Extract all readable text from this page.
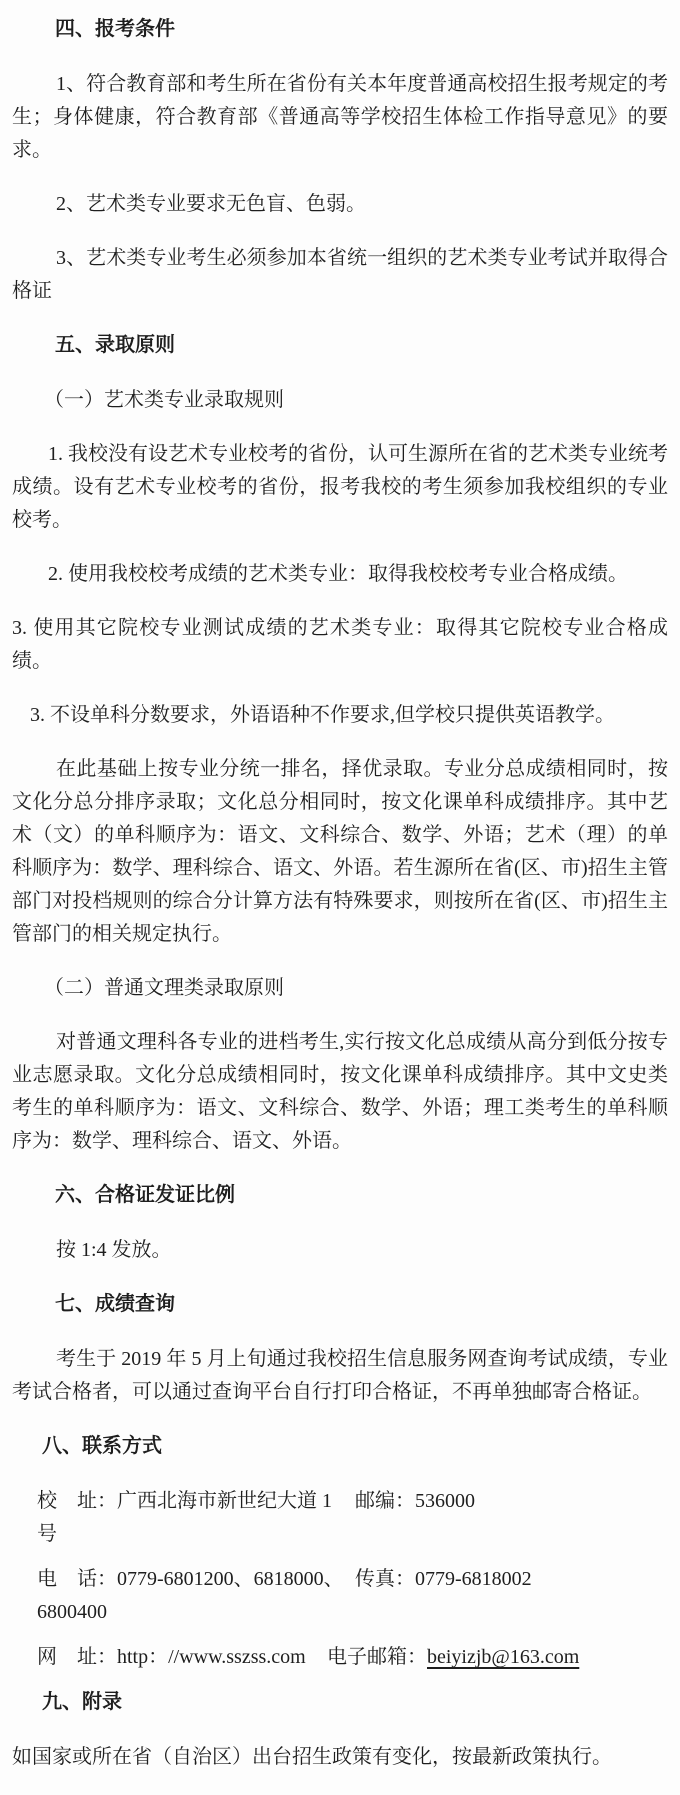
四、报考条件

1、符合教育部和考生所在省份有关本年度普通高校招生报考规定的考生；身体健康，符合教育部《普通高等学校招生体检工作指导意见》的要求。

2、艺术类专业要求无色盲、色弱。

3、艺术类专业考生必须参加本省统一组织的艺术类专业考试并取得合格证

五、录取原则

（一）艺术类专业录取规则

1. 我校没有设艺术专业校考的省份，认可生源所在省的艺术类专业统考成绩。设有艺术专业校考的省份，报考我校的考生须参加我校组织的专业校考。

2. 使用我校校考成绩的艺术类专业：取得我校校考专业合格成绩。

3. 使用其它院校专业测试成绩的艺术类专业：取得其它院校专业合格成绩。

3. 不设单科分数要求，外语语种不作要求,但学校只提供英语教学。

在此基础上按专业分统一排名，择优录取。专业分总成绩相同时，按文化分总分排序录取；文化总分相同时，按文化课单科成绩排序。其中艺术（文）的单科顺序为：语文、文科综合、数学、外语；艺术（理）的单科顺序为：数学、理科综合、语文、外语。若生源所在省(区、市)招生主管部门对投档规则的综合分计算方法有特殊要求，则按所在省(区、市)招生主管部门的相关规定执行。

（二）普通文理类录取原则

对普通文理科各专业的进档考生,实行按文化总成绩从高分到低分按专业志愿录取。文化分总成绩相同时，按文化课单科成绩排序。其中文史类考生的单科顺序为：语文、文科综合、数学、外语；理工类考生的单科顺序为：数学、理科综合、语文、外语。

六、合格证发证比例

按 1:4 发放。

七、成绩查询

考生于 2019 年 5 月上旬通过我校招生信息服务网查询考试成绩，专业考试合格者，可以通过查询平台自行打印合格证，不再单独邮寄合格证。

八、联系方式
校　址：广西北海市新世纪大道 1 号
邮编：536000
电　话：0779-6801200、6818000、6800400
传真：0779-6818002
网　址：http：//www.sszss.com	电子邮箱：beiyizjb@163.com
九、附录

如国家或所在省（自治区）出台招生政策有变化，按最新政策执行。
